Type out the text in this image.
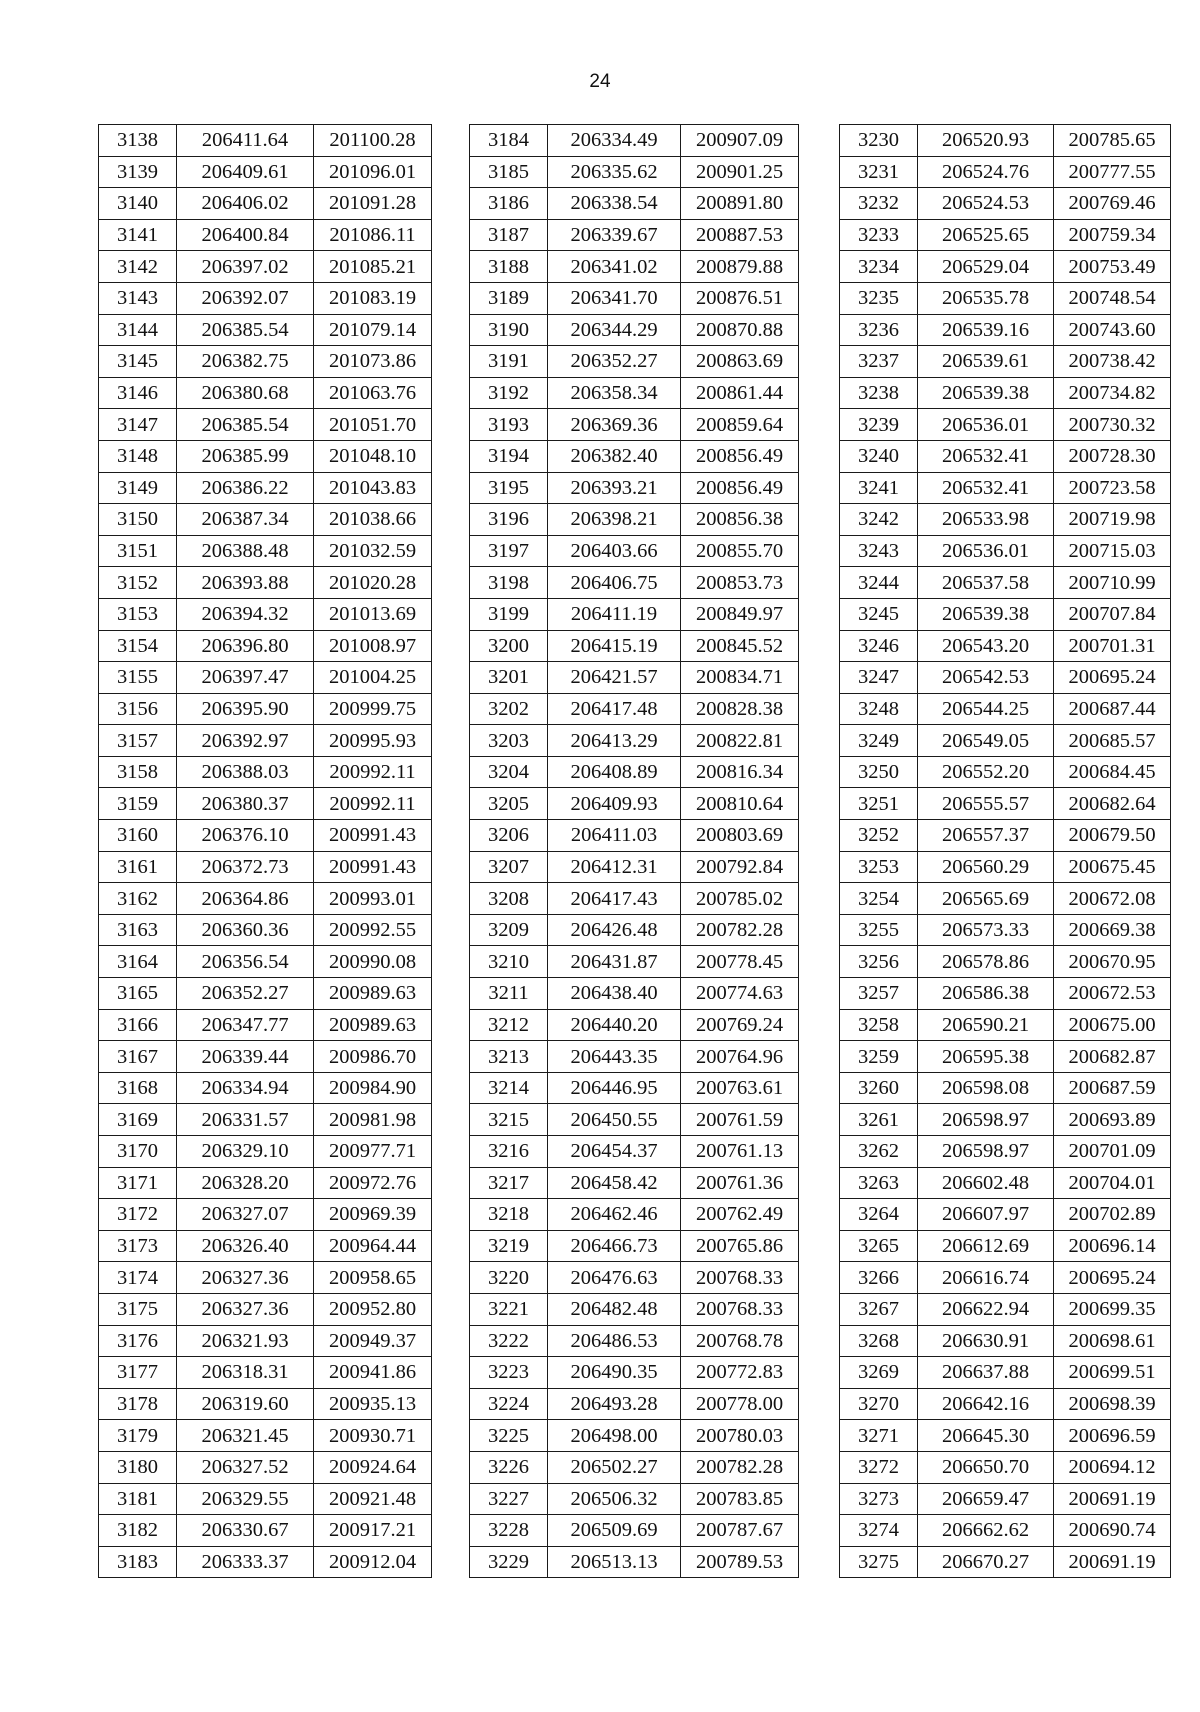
24
3138	206411.64	201100.28
3139	206409.61	201096.01
3140	206406.02	201091.28
3141	206400.84	201086.11
3142	206397.02	201085.21
3143	206392.07	201083.19
3144	206385.54	201079.14
3145	206382.75	201073.86
3146	206380.68	201063.76
3147	206385.54	201051.70
3148	206385.99	201048.10
3149	206386.22	201043.83
3150	206387.34	201038.66
3151	206388.48	201032.59
3152	206393.88	201020.28
3153	206394.32	201013.69
3154	206396.80	201008.97
3155	206397.47	201004.25
3156	206395.90	200999.75
3157	206392.97	200995.93
3158	206388.03	200992.11
3159	206380.37	200992.11
3160	206376.10	200991.43
3161	206372.73	200991.43
3162	206364.86	200993.01
3163	206360.36	200992.55
3164	206356.54	200990.08
3165	206352.27	200989.63
3166	206347.77	200989.63
3167	206339.44	200986.70
3168	206334.94	200984.90
3169	206331.57	200981.98
3170	206329.10	200977.71
3171	206328.20	200972.76
3172	206327.07	200969.39
3173	206326.40	200964.44
3174	206327.36	200958.65
3175	206327.36	200952.80
3176	206321.93	200949.37
3177	206318.31	200941.86
3178	206319.60	200935.13
3179	206321.45	200930.71
3180	206327.52	200924.64
3181	206329.55	200921.48
3182	206330.67	200917.21
3183	206333.37	200912.04
3184	206334.49	200907.09
3185	206335.62	200901.25
3186	206338.54	200891.80
3187	206339.67	200887.53
3188	206341.02	200879.88
3189	206341.70	200876.51
3190	206344.29	200870.88
3191	206352.27	200863.69
3192	206358.34	200861.44
3193	206369.36	200859.64
3194	206382.40	200856.49
3195	206393.21	200856.49
3196	206398.21	200856.38
3197	206403.66	200855.70
3198	206406.75	200853.73
3199	206411.19	200849.97
3200	206415.19	200845.52
3201	206421.57	200834.71
3202	206417.48	200828.38
3203	206413.29	200822.81
3204	206408.89	200816.34
3205	206409.93	200810.64
3206	206411.03	200803.69
3207	206412.31	200792.84
3208	206417.43	200785.02
3209	206426.48	200782.28
3210	206431.87	200778.45
3211	206438.40	200774.63
3212	206440.20	200769.24
3213	206443.35	200764.96
3214	206446.95	200763.61
3215	206450.55	200761.59
3216	206454.37	200761.13
3217	206458.42	200761.36
3218	206462.46	200762.49
3219	206466.73	200765.86
3220	206476.63	200768.33
3221	206482.48	200768.33
3222	206486.53	200768.78
3223	206490.35	200772.83
3224	206493.28	200778.00
3225	206498.00	200780.03
3226	206502.27	200782.28
3227	206506.32	200783.85
3228	206509.69	200787.67
3229	206513.13	200789.53
3230	206520.93	200785.65
3231	206524.76	200777.55
3232	206524.53	200769.46
3233	206525.65	200759.34
3234	206529.04	200753.49
3235	206535.78	200748.54
3236	206539.16	200743.60
3237	206539.61	200738.42
3238	206539.38	200734.82
3239	206536.01	200730.32
3240	206532.41	200728.30
3241	206532.41	200723.58
3242	206533.98	200719.98
3243	206536.01	200715.03
3244	206537.58	200710.99
3245	206539.38	200707.84
3246	206543.20	200701.31
3247	206542.53	200695.24
3248	206544.25	200687.44
3249	206549.05	200685.57
3250	206552.20	200684.45
3251	206555.57	200682.64
3252	206557.37	200679.50
3253	206560.29	200675.45
3254	206565.69	200672.08
3255	206573.33	200669.38
3256	206578.86	200670.95
3257	206586.38	200672.53
3258	206590.21	200675.00
3259	206595.38	200682.87
3260	206598.08	200687.59
3261	206598.97	200693.89
3262	206598.97	200701.09
3263	206602.48	200704.01
3264	206607.97	200702.89
3265	206612.69	200696.14
3266	206616.74	200695.24
3267	206622.94	200699.35
3268	206630.91	200698.61
3269	206637.88	200699.51
3270	206642.16	200698.39
3271	206645.30	200696.59
3272	206650.70	200694.12
3273	206659.47	200691.19
3274	206662.62	200690.74
3275	206670.27	200691.19
